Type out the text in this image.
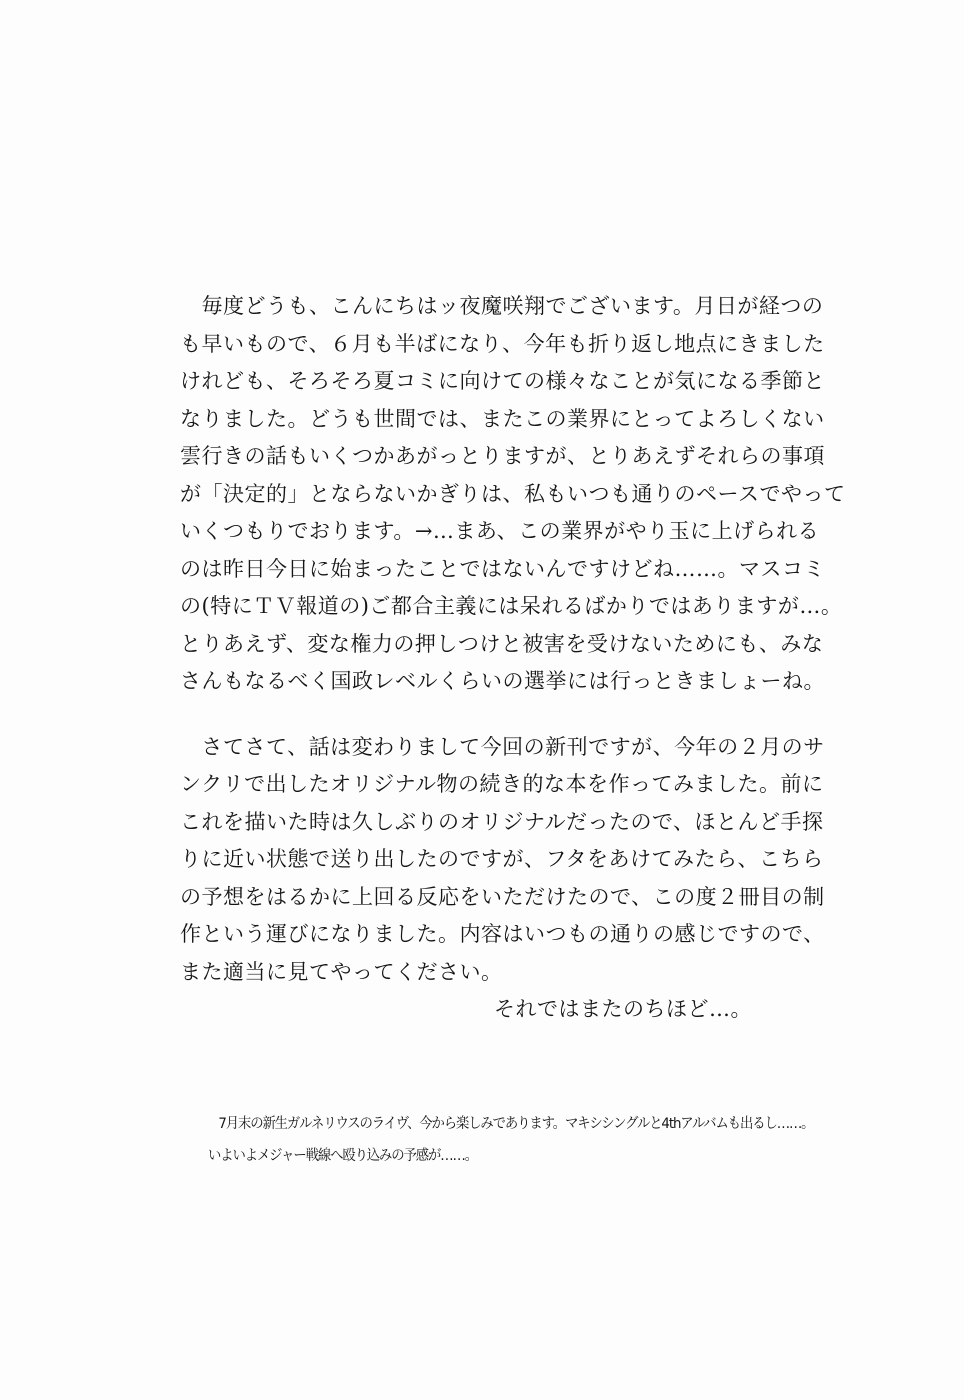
　毎度どうも、こんにちはッ夜魔咲翔でございます。月日が経つの
も早いもので、６月も半ばになり、今年も折り返し地点にきました
けれども、そろそろ夏コミに向けての様々なことが気になる季節と
なりました。どうも世間では、またこの業界にとってよろしくない
雲行きの話もいくつかあがっとりますが、とりあえずそれらの事項
が「決定的」とならないかぎりは、私もいつも通りのペースでやって
いくつもりでおります。→…まあ、この業界がやり玉に上げられる
のは昨日今日に始まったことではないんですけどね……。マスコミ
の(特にＴＶ報道の)ご都合主義には呆れるばかりではありますが…。
とりあえず、変な権力の押しつけと被害を受けないためにも、みな
さんもなるべく国政レベルくらいの選挙には行っときましょーね。
　さてさて、話は変わりまして今回の新刊ですが、今年の２月のサ
ンクリで出したオリジナル物の続き的な本を作ってみました。前に
これを描いた時は久しぶりのオリジナルだったので、ほとんど手探
りに近い状態で送り出したのですが、フタをあけてみたら、こちら
の予想をはるかに上回る反応をいただけたので、この度２冊目の制
作という運びになりました。内容はいつもの通りの感じですので、
また適当に見てやってください。
それではまたのちほど…。
7月末の新生ガルネリウスのライヴ、今から楽しみであります。マキシシングルと4thアルバムも出るし……。
いよいよメジャー戦線へ殴り込みの予感が……。
